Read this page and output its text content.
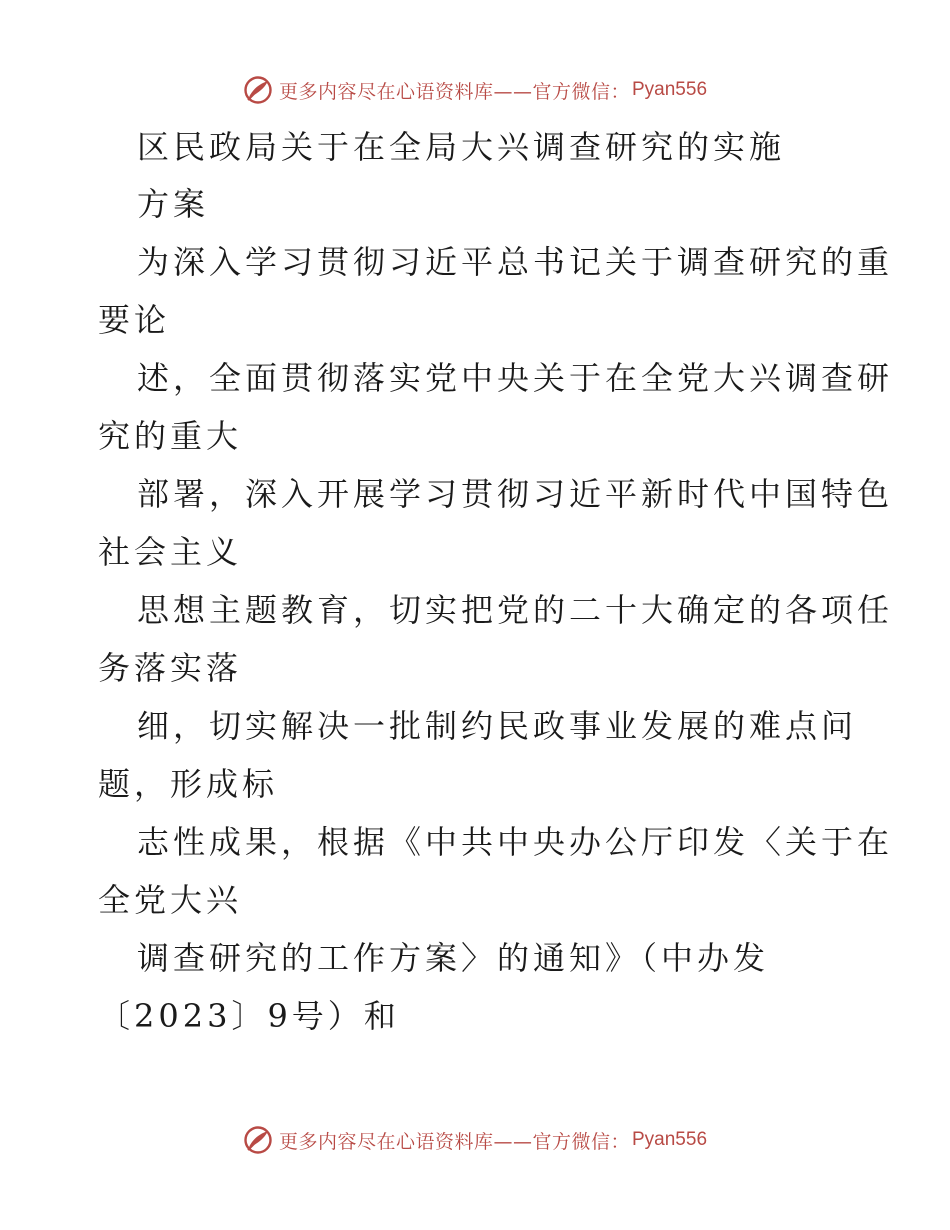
更多内容尽在心语资料库——官方微信： Pyan556
区民政局关于在全局大兴调查研究的实施
方案
为深入学习贯彻习近平总书记关于调查研究的重
要论
述，全面贯彻落实党中央关于在全党大兴调查研
究的重大
部署，深入开展学习贯彻习近平新时代中国特色
社会主义
思想主题教育，切实把党的二十大确定的各项任
务落实落
细，切实解决一批制约民政事业发展的难点问
题，形成标
志性成果，根据《中共中央办公厅印发〈关于在
全党大兴
调查研究的工作方案〉的通知》（中办发
〔2023〕9号）和
更多内容尽在心语资料库——官方微信： Pyan556
